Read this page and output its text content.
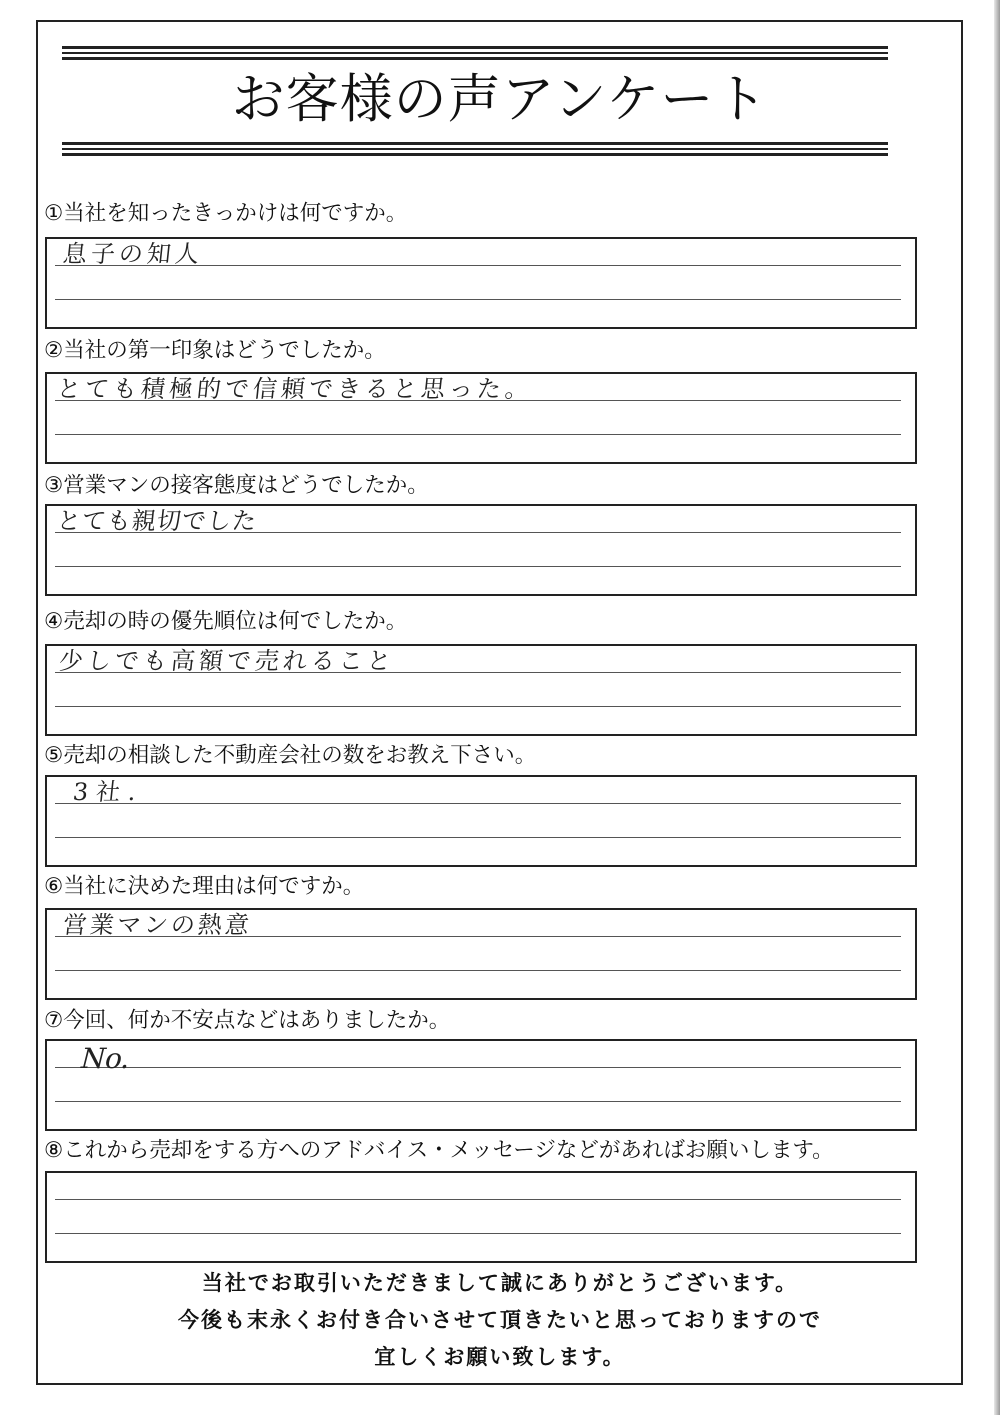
お客様の声アンケート
①当社を知ったきっかけは何ですか。
息子の知人
②当社の第一印象はどうでしたか。
とても積極的で信頼できると思った。
③営業マンの接客態度はどうでしたか。
とても親切でした
④売却の時の優先順位は何でしたか。
少しでも高額で売れること
⑤売却の相談した不動産会社の数をお教え下さい。
3社.
⑥当社に決めた理由は何ですか。
営業マンの熱意
⑦今回、何か不安点などはありましたか。
No.
⑧これから売却をする方へのアドバイス・メッセージなどがあればお願いします。
当社でお取引いただきまして誠にありがとうございます。
今後も末永くお付き合いさせて頂きたいと思っておりますので
宜しくお願い致します。
